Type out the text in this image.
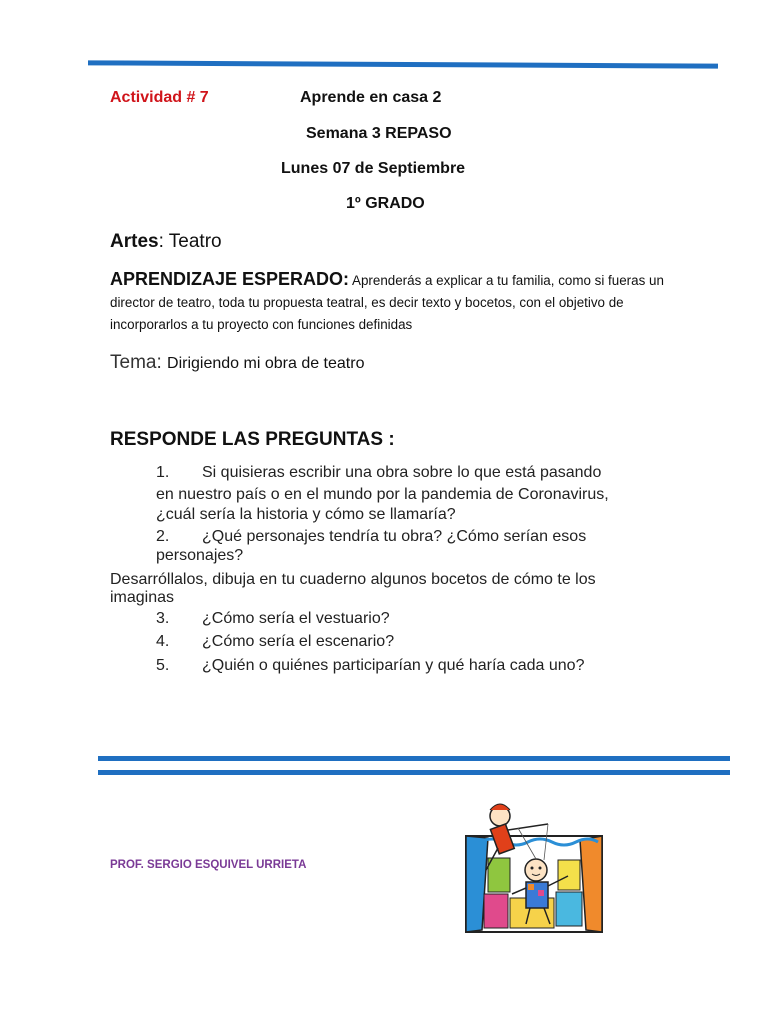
Actividad # 7	Aprende en casa 2
Semana 3 REPASO
Lunes 07 de Septiembre
1º GRADO
Artes: Teatro
APRENDIZAJE ESPERADO: Aprenderás a explicar a tu familia, como si fueras un director de teatro, toda tu propuesta teatral, es decir texto y bocetos, con el objetivo de incorporarlos a tu proyecto con funciones definidas
Tema: Dirigiendo mi obra de teatro
RESPONDE LAS PREGUNTAS :
1. Si quisieras escribir una obra sobre lo que está pasando
en nuestro país o en el mundo por la pandemia de Coronavirus,
¿cuál sería la historia y cómo se llamaría?
2. ¿Qué personajes tendría tu obra? ¿Cómo serían esos
personajes?
Desarróllalos, dibuja en tu cuaderno algunos bocetos de cómo te los
imaginas
3. ¿Cómo sería el vestuario?
4. ¿Cómo sería el escenario?
5. ¿Quién o quiénes participarían y qué haría cada uno?
PROF. SERGIO ESQUIVEL URRIETA
